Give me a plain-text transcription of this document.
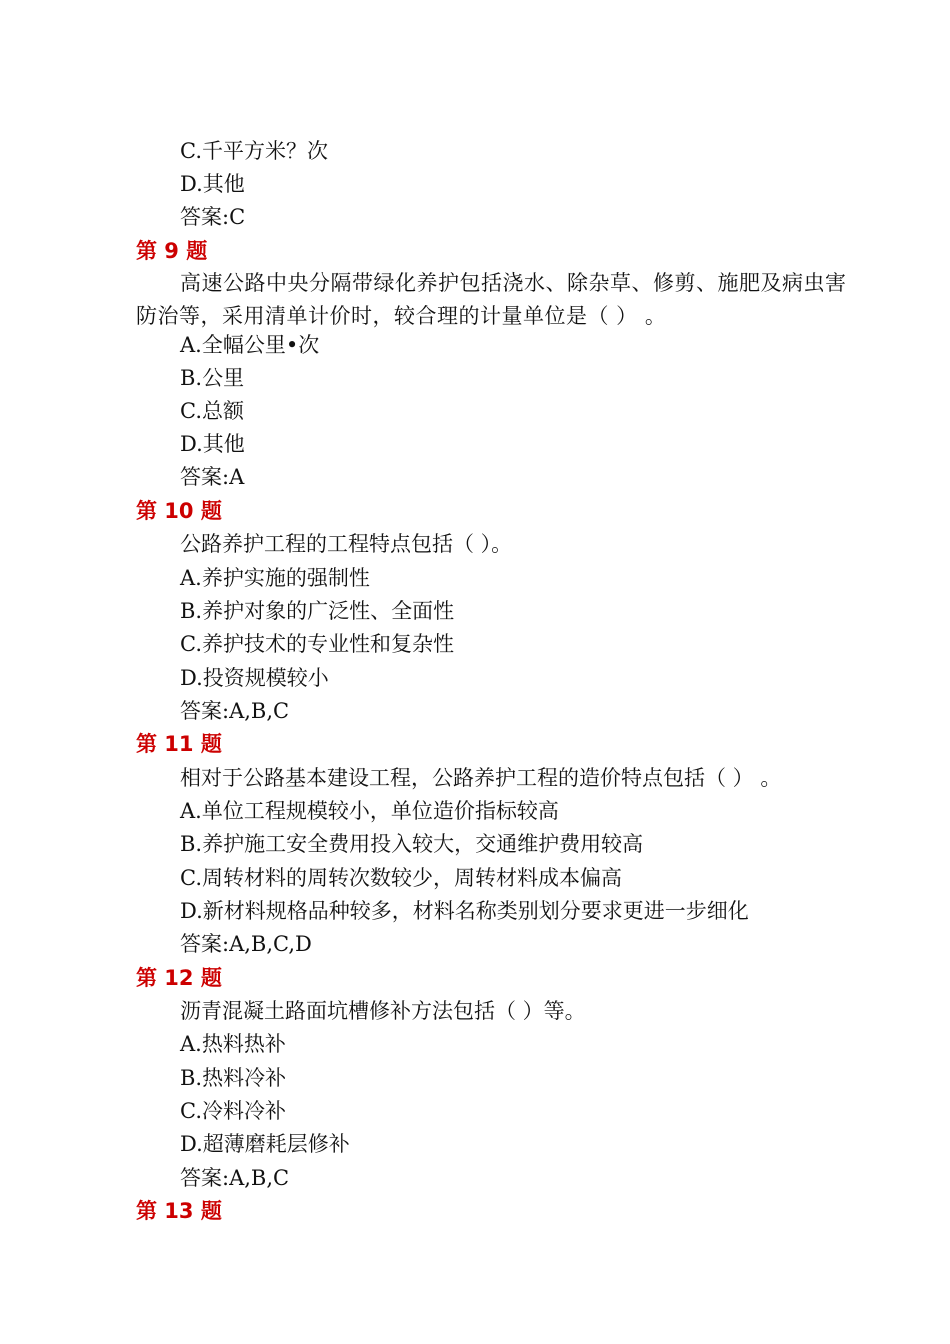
C.千平方米？次
D.其他
答案:C
第 9 题
高速公路中央分隔带绿化养护包括浇水、除杂草、修剪、施肥及病虫害防治等，采用清单计价时，较合理的计量单位是（ ） 。
A.全幅公里•次
B.公里
C.总额
D.其他
答案:A
第 10 题
公路养护工程的工程特点包括（ ）。
A.养护实施的强制性
B.养护对象的广泛性、全面性
C.养护技术的专业性和复杂性
D.投资规模较小
答案:A,B,C
第 11 题
相对于公路基本建设工程，公路养护工程的造价特点包括（ ） 。
A.单位工程规模较小，单位造价指标较高
B.养护施工安全费用投入较大，交通维护费用较高
C.周转材料的周转次数较少，周转材料成本偏高
D.新材料规格品种较多，材料名称类别划分要求更进一步细化
答案:A,B,C,D
第 12 题
沥青混凝土路面坑槽修补方法包括（ ）等。
A.热料热补
B.热料冷补
C.冷料冷补
D.超薄磨耗层修补
答案:A,B,C
第 13 题
